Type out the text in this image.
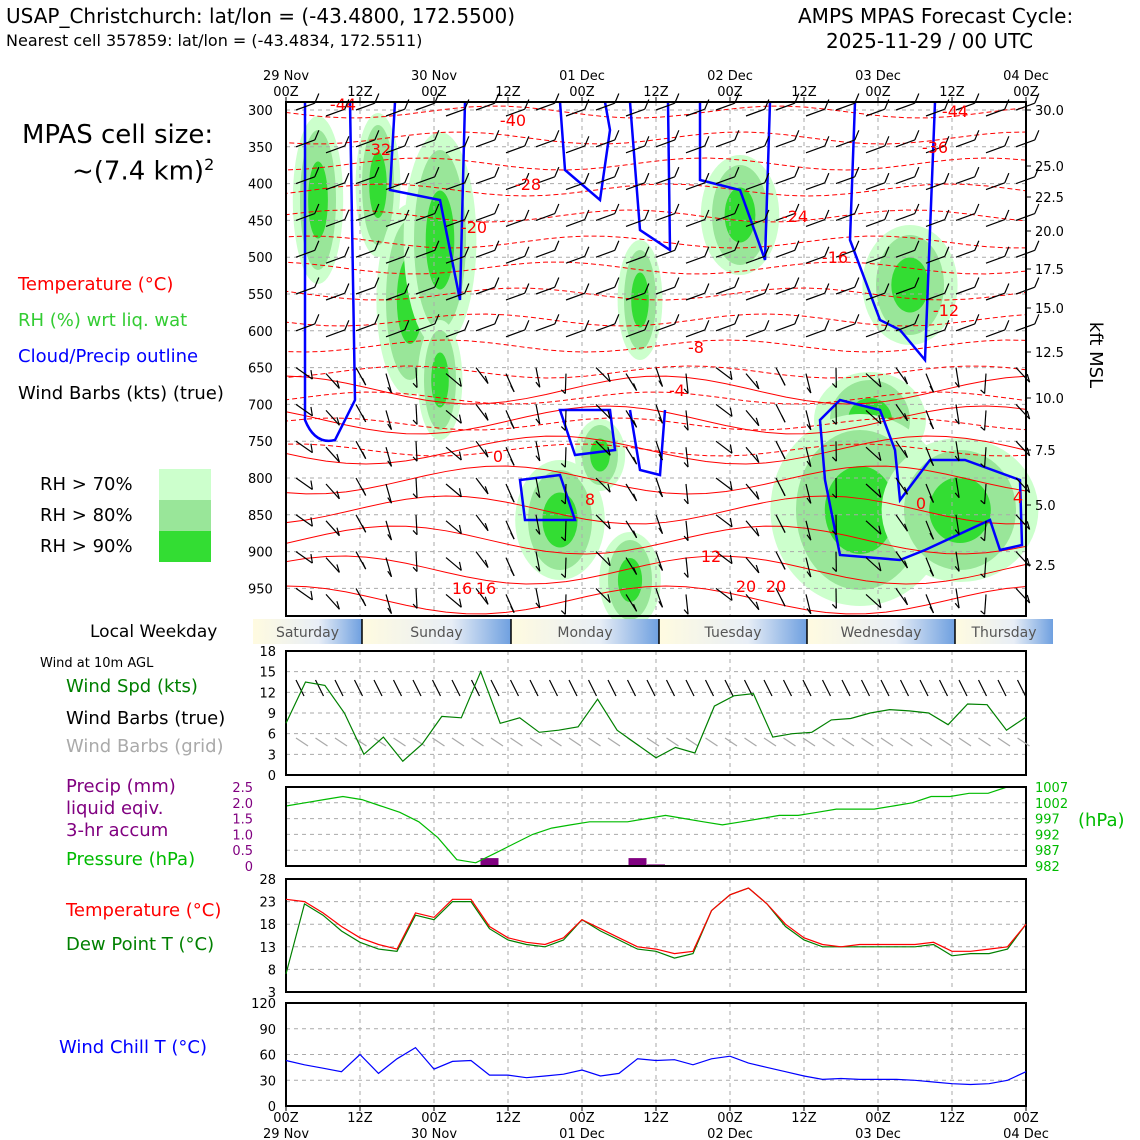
USAP_Christchurch: lat/lon = (-43.4800, 172.5500)
Nearest cell 357859: lat/lon = (-43.4834, 172.5511)
AMPS MPAS Forecast Cycle:
2025-11-29 / 00 UTC
MPAS cell size:
~(7.4 km)$^2$
Temperature (°C)
RH (%) wrt liq. wat
Cloud/Precip outline
Wind Barbs (kts) (true)
RH > 70%
RH > 80%
RH > 90%
Local Weekday
Wind at 10m AGL
Wind Spd (kts)
Wind Barbs (true)
Wind Barbs (grid)
Precip (mm)
liquid eqiv.
3-hr accum
Pressure (hPa)
Temperature (°C)
Dew Point T (°C)
Wind Chill T (°C)
300
350
400
450
500
550
600
650
700
750
800
850
900
950
-44	-44
-40
-36
-32
-28
-24
-20
-16
-12
-8
-4
0
0	4
8
12
16 16	20 20
30.0
25.0
22.5
20.0
17.5
15.0
12.5
10.0
7.5
5.0
2.5
kft MSL
29 Nov
00Z	12Z
30 Nov
00Z	12Z
01 Dec
00Z	12Z
02 Dec
00Z	12Z
03 Dec
00Z	12Z
04 Dec
00Z
Saturday	Sunday	Monday	Tuesday	Wednesday	Thursday
18
15
12
9
6
3
0
2.5
2.0
1.5
1.0
0.5
0
1007
1002
997
992
987
982
(hPa)
28
23
18
13
8
3
120
90
60
30
0
00Z
29 Nov
12Z	00Z
30 Nov
12Z	00Z
01 Dec
12Z	00Z
02 Dec
12Z	00Z
03 Dec
12Z	00Z
04 Dec
